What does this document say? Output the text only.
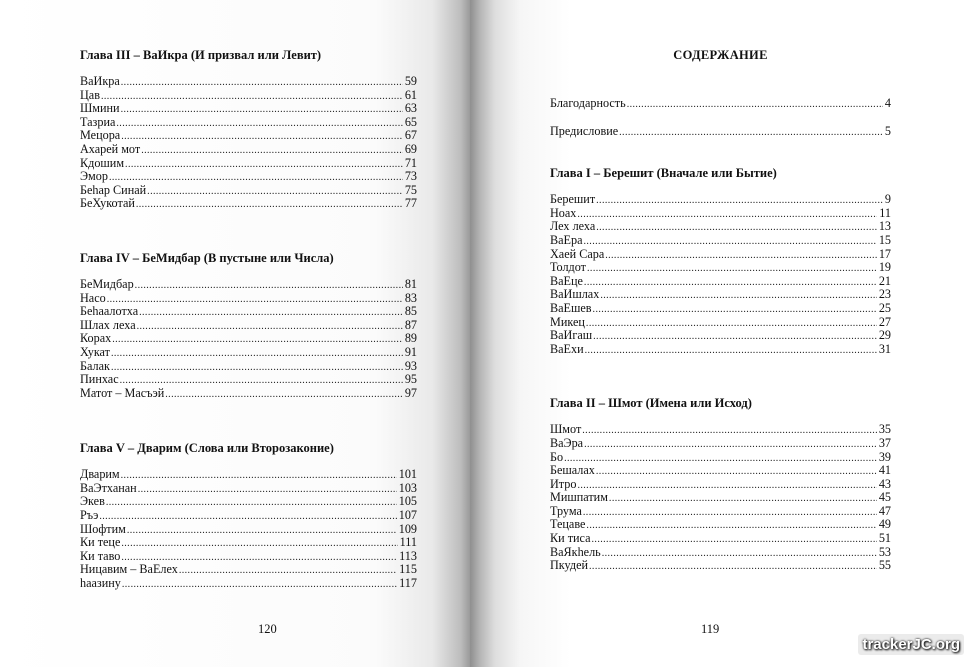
Глава III – ВаИкра (И призвал или Левит)
ВаИкра .....	59
Цав .....	61
Шмини .....	63
Тазриа .....	65
Мецора .....	67
Ахарей мот .....	69
Кдошим .....	71
Эмор .....	73
Беһар Синай .....	75
БеХукотай .....	77
Глава IV – БеМидбар (В пустыне или Числа)
БеМидбар .....	81
Насо .....	83
Беһаалотха .....	85
Шлах леха .....	87
Корах .....	89
Хукат .....	91
Балак .....	93
Пинхас .....	95
Матот – Масъэй .....	97
Глава V – Дварим (Слова или Второзаконие)
Дварим .....	101
ВаЭтханан .....	103
Экев .....	105
Ръэ .....	107
Шофтим .....	109
Ки теце .....	111
Ки таво .....	113
Ницавим – ВаЕлех .....	115
һаазину .....	117
120
СОДЕРЖАНИЕ
Благодарность .....	4
Предисловие .....	5
Глава I – Берешит (Вначале или Бытие)
Берешит .....	9
Ноах .....	11
Лех леха .....	13
ВаЕра .....	15
Хаей Сара .....	17
Толдот .....	19
ВаЕце .....	21
ВаИшлах .....	23
ВаЕшев .....	25
Микец .....	27
ВаИгаш .....	29
ВаЕхи .....	31
Глава II – Шмот (Имена или Исход)
Шмот .....	35
ВаЭра .....	37
Бо .....	39
Бешалах .....	41
Итро .....	43
Мишпатим .....	45
Трума .....	47
Тецаве .....	49
Ки тиса .....	51
ВаЯкһель .....	53
Пкудей .....	55
119
trackerJC.org
